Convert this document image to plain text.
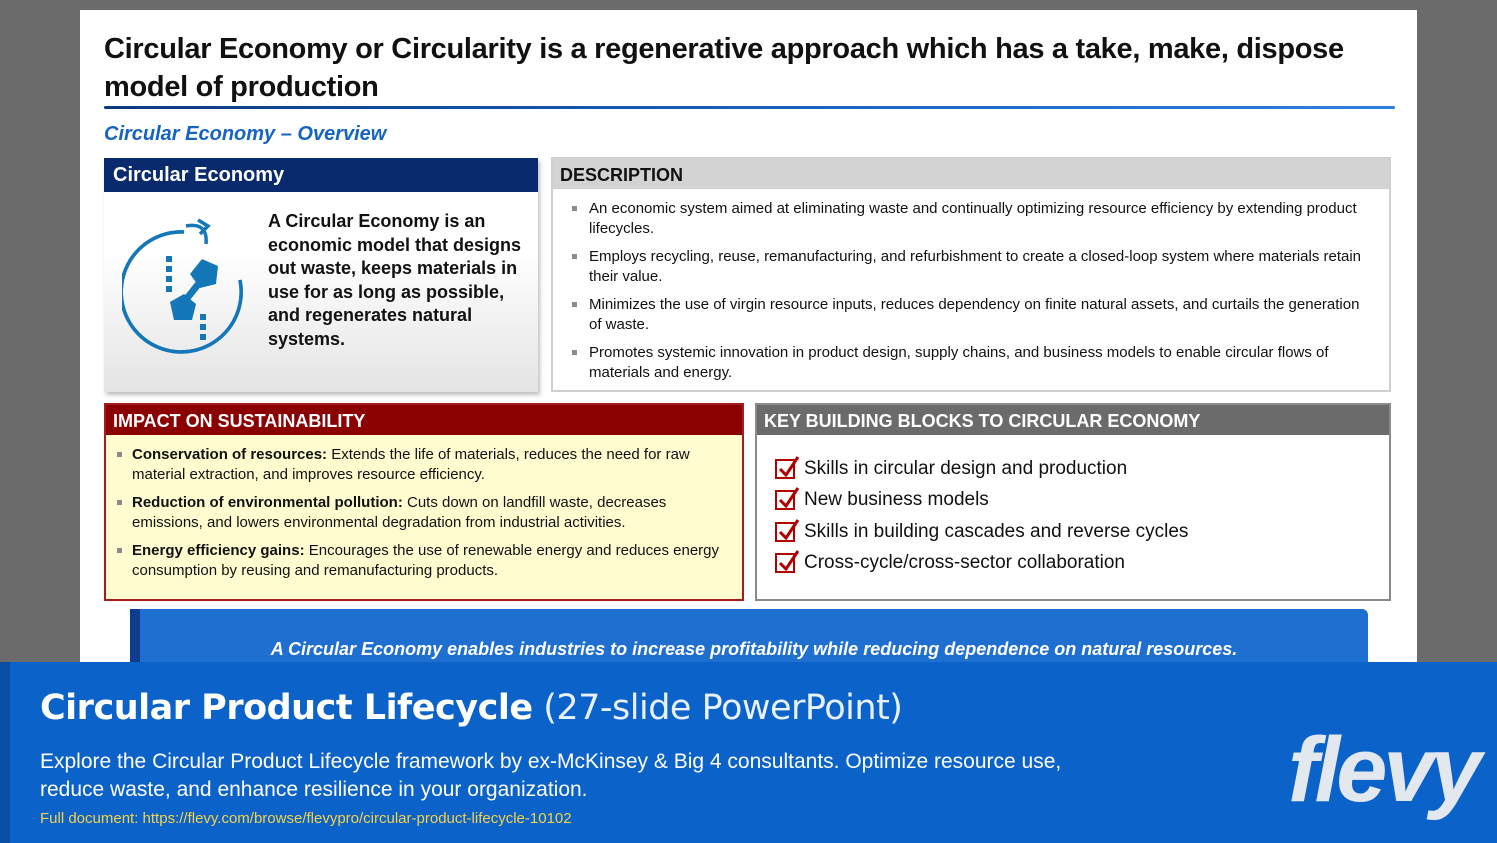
Circular Economy or Circularity is a regenerative approach which has a take, make, dispose model of production
Circular Economy – Overview
Circular Economy
A Circular Economy is an economic model that designs out waste, keeps materials in use for as long as possible, and regenerates natural systems.
DESCRIPTION
An economic system aimed at eliminating waste and continually optimizing resource efficiency by extending product lifecycles.
Employs recycling, reuse, remanufacturing, and refurbishment to create a closed-loop system where materials retain their value.
Minimizes the use of virgin resource inputs, reduces dependency on finite natural assets, and curtails the generation of waste.
Promotes systemic innovation in product design, supply chains, and business models to enable circular flows of materials and energy.
IMPACT ON SUSTAINABILITY
Conservation of resources: Extends the life of materials, reduces the need for raw material extraction, and improves resource efficiency.
Reduction of environmental pollution: Cuts down on landfill waste, decreases emissions, and lowers environmental degradation from industrial activities.
Energy efficiency gains: Encourages the use of renewable energy and reduces energy consumption by reusing and remanufacturing products.
KEY BUILDING BLOCKS TO CIRCULAR ECONOMY
Skills in circular design and production
New business models
Skills in building cascades and reverse cycles
Cross-cycle/cross-sector collaboration
A Circular Economy enables industries to increase profitability while reducing dependence on natural resources.
Circular Product Lifecycle (27-slide PowerPoint)
Explore the Circular Product Lifecycle framework by ex-McKinsey & Big 4 consultants. Optimize resource use, reduce waste, and enhance resilience in your organization.
Full document: https://flevy.com/browse/flevypro/circular-product-lifecycle-10102	flevy
